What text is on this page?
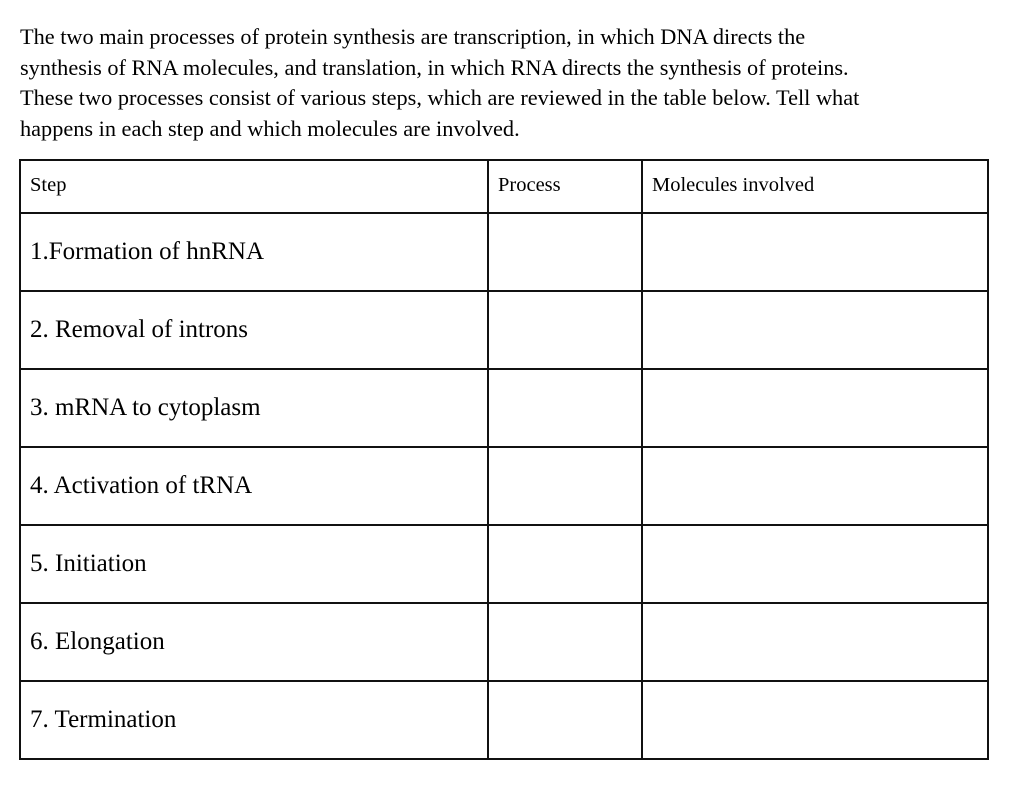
The two main processes of protein synthesis are transcription, in which DNA directs the
synthesis of RNA molecules, and translation, in which RNA directs the synthesis of proteins.
These two processes consist of various steps, which are reviewed in the table below. Tell what
happens in each step and which molecules are involved.

Step	Process	Molecules involved
1.Formation of hnRNA		
2. Removal of introns		
3. mRNA to cytoplasm		
4. Activation of tRNA		
5. Initiation		
6. Elongation		
7. Termination		
